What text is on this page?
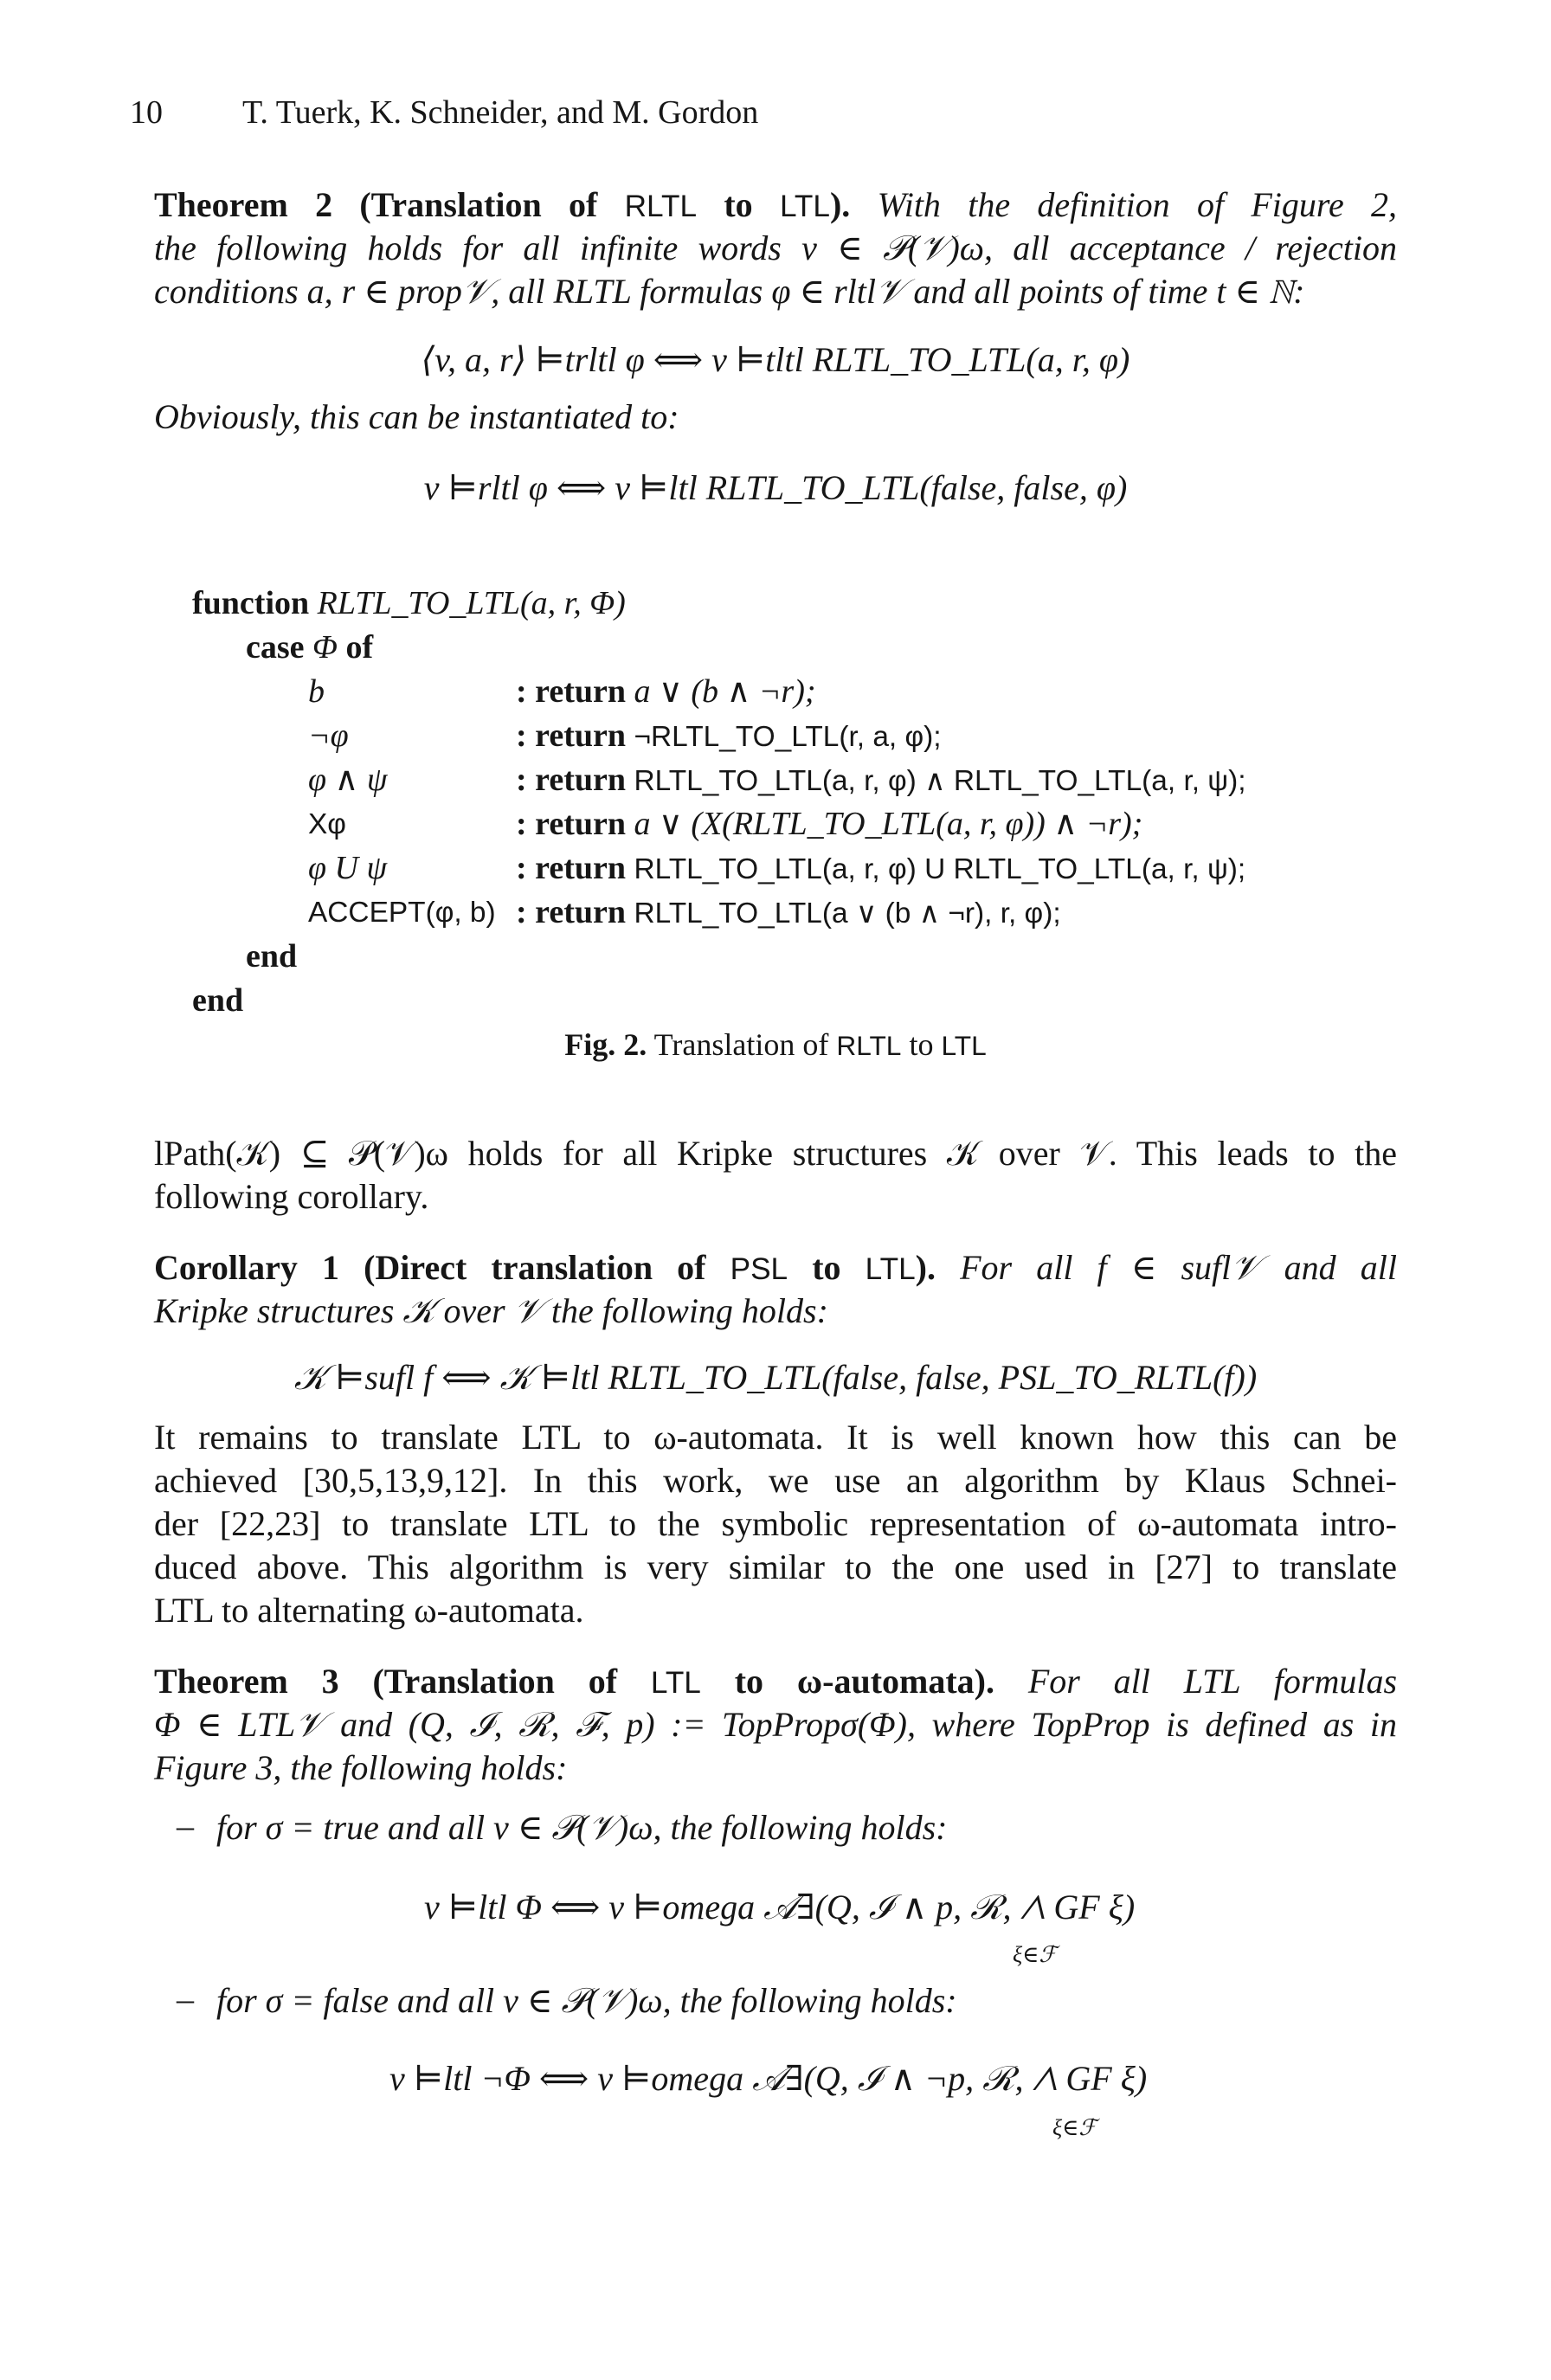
10 T. Tuerk, K. Schneider, and M. Gordon
Theorem 2 (Translation of RLTL to LTL). With the definition of Figure 2,
the following holds for all infinite words v ∈ 𝒫(𝒱)ω, all acceptance / rejection
conditions a, r ∈ prop𝒱, all RLTL formulas φ ∈ rltl𝒱 and all points of time t ∈ ℕ:
⟨v, a, r⟩ ⊨trltl φ ⟺ v ⊨tltl RLTL_TO_LTL(a, r, φ)
Obviously, this can be instantiated to:
v ⊨rltl φ ⟺ v ⊨ltl RLTL_TO_LTL(false, false, φ)
function RLTL_TO_LTL(a, r, Φ)
case Φ of
b	: return a ∨ (b ∧ ¬r);
¬φ	: return ¬RLTL_TO_LTL(r, a, φ);
φ ∧ ψ	: return RLTL_TO_LTL(a, r, φ) ∧ RLTL_TO_LTL(a, r, ψ);
Xφ	: return a ∨ (X(RLTL_TO_LTL(a, r, φ)) ∧ ¬r);
φ U ψ	: return RLTL_TO_LTL(a, r, φ) U RLTL_TO_LTL(a, r, ψ);
ACCEPT(φ, b) : return RLTL_TO_LTL(a ∨ (b ∧ ¬r), r, φ);
end
end
Fig. 2. Translation of RLTL to LTL
lPath(𝒦) ⊆ 𝒫(𝒱)ω holds for all Kripke structures 𝒦 over 𝒱. This leads to the
following corollary.
Corollary 1 (Direct translation of PSL to LTL). For all f ∈ sufl𝒱 and all
Kripke structures 𝒦 over 𝒱 the following holds:
𝒦 ⊨sufl f ⟺ 𝒦 ⊨ltl RLTL_TO_LTL(false, false, PSL_TO_RLTL(f))
It remains to translate LTL to ω-automata. It is well known how this can be
achieved [30,5,13,9,12]. In this work, we use an algorithm by Klaus Schnei-
der [22,23] to translate LTL to the symbolic representation of ω-automata intro-
duced above. This algorithm is very similar to the one used in [27] to translate
LTL to alternating ω-automata.
Theorem 3 (Translation of LTL to ω-automata). For all LTL formulas
Φ ∈ LTL𝒱 and (Q, ℐ, ℛ, ℱ, p) := TopPropσ(Φ), where TopProp is defined as in
Figure 3, the following holds:
– for σ = true and all v ∈ 𝒫(𝒱)ω, the following holds:
v ⊨ltl Φ ⟺ v ⊨omega 𝒜∃(Q, ℐ ∧ p, ℛ, ⋀ GF ξ)
ξ∈ℱ
– for σ = false and all v ∈ 𝒫(𝒱)ω, the following holds:
v ⊨ltl ¬Φ ⟺ v ⊨omega 𝒜∃(Q, ℐ ∧ ¬p, ℛ, ⋀ GF ξ)
ξ∈ℱ
